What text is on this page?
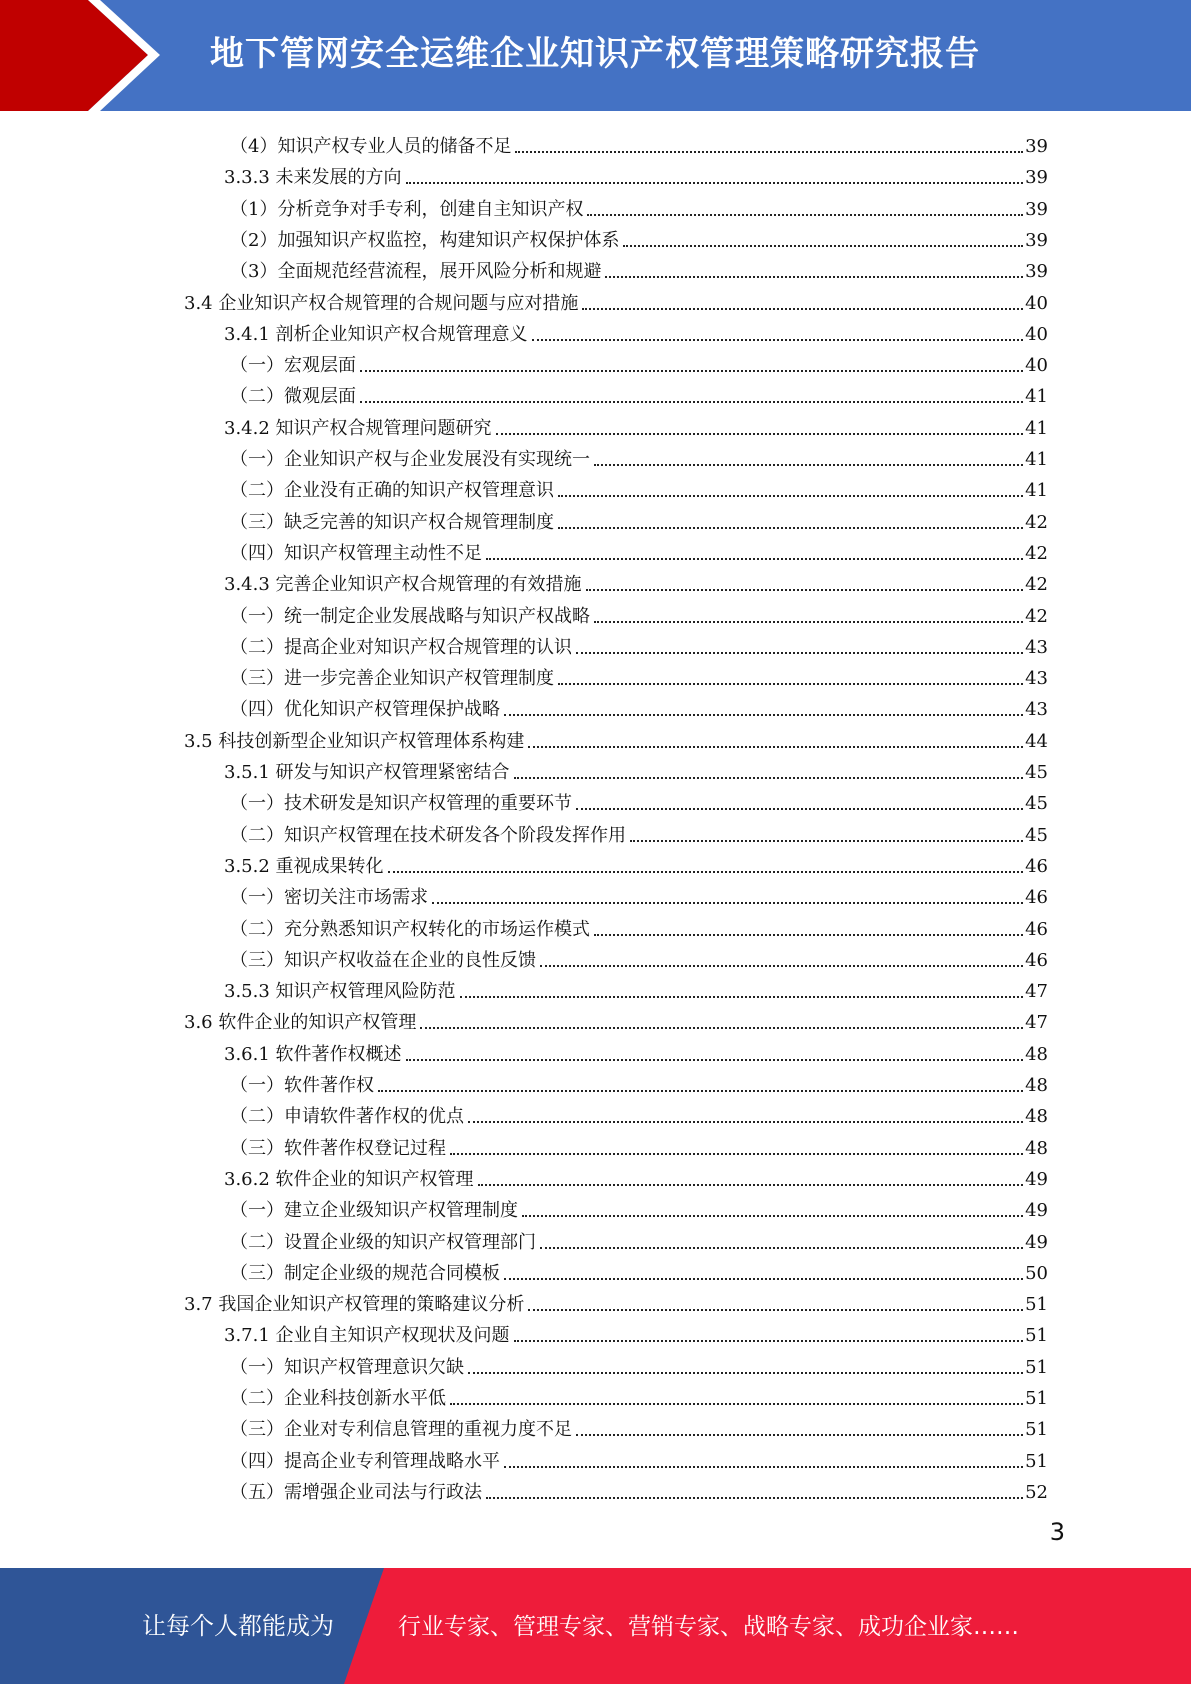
地下管网安全运维企业知识产权管理策略研究报告
（4）知识产权专业人员的储备不足	39
3.3.3 未来发展的方向	39
（1）分析竞争对手专利，创建自主知识产权	39
（2）加强知识产权监控，构建知识产权保护体系	39
（3）全面规范经营流程，展开风险分析和规避	39
3.4 企业知识产权合规管理的合规问题与应对措施	40
3.4.1 剖析企业知识产权合规管理意义	40
（一）宏观层面	40
（二）微观层面	41
3.4.2 知识产权合规管理问题研究	41
（一）企业知识产权与企业发展没有实现统一	41
（二）企业没有正确的知识产权管理意识	41
（三）缺乏完善的知识产权合规管理制度	42
（四）知识产权管理主动性不足	42
3.4.3 完善企业知识产权合规管理的有效措施	42
（一）统一制定企业发展战略与知识产权战略	42
（二）提高企业对知识产权合规管理的认识	43
（三）进一步完善企业知识产权管理制度	43
（四）优化知识产权管理保护战略	43
3.5 科技创新型企业知识产权管理体系构建	44
3.5.1 研发与知识产权管理紧密结合	45
（一）技术研发是知识产权管理的重要环节	45
（二）知识产权管理在技术研发各个阶段发挥作用	45
3.5.2 重视成果转化	46
（一）密切关注市场需求	46
（二）充分熟悉知识产权转化的市场运作模式	46
（三）知识产权收益在企业的良性反馈	46
3.5.3 知识产权管理风险防范	47
3.6 软件企业的知识产权管理	47
3.6.1 软件著作权概述	48
（一）软件著作权	48
（二）申请软件著作权的优点	48
（三）软件著作权登记过程	48
3.6.2 软件企业的知识产权管理	49
（一）建立企业级知识产权管理制度	49
（二）设置企业级的知识产权管理部门	49
（三）制定企业级的规范合同模板	50
3.7 我国企业知识产权管理的策略建议分析	51
3.7.1 企业自主知识产权现状及问题	51
（一）知识产权管理意识欠缺	51
（二）企业科技创新水平低	51
（三）企业对专利信息管理的重视力度不足	51
（四）提高企业专利管理战略水平	51
（五）需增强企业司法与行政法	52
3
让每个人都能成为	行业专家、管理专家、营销专家、战略专家、成功企业家……
